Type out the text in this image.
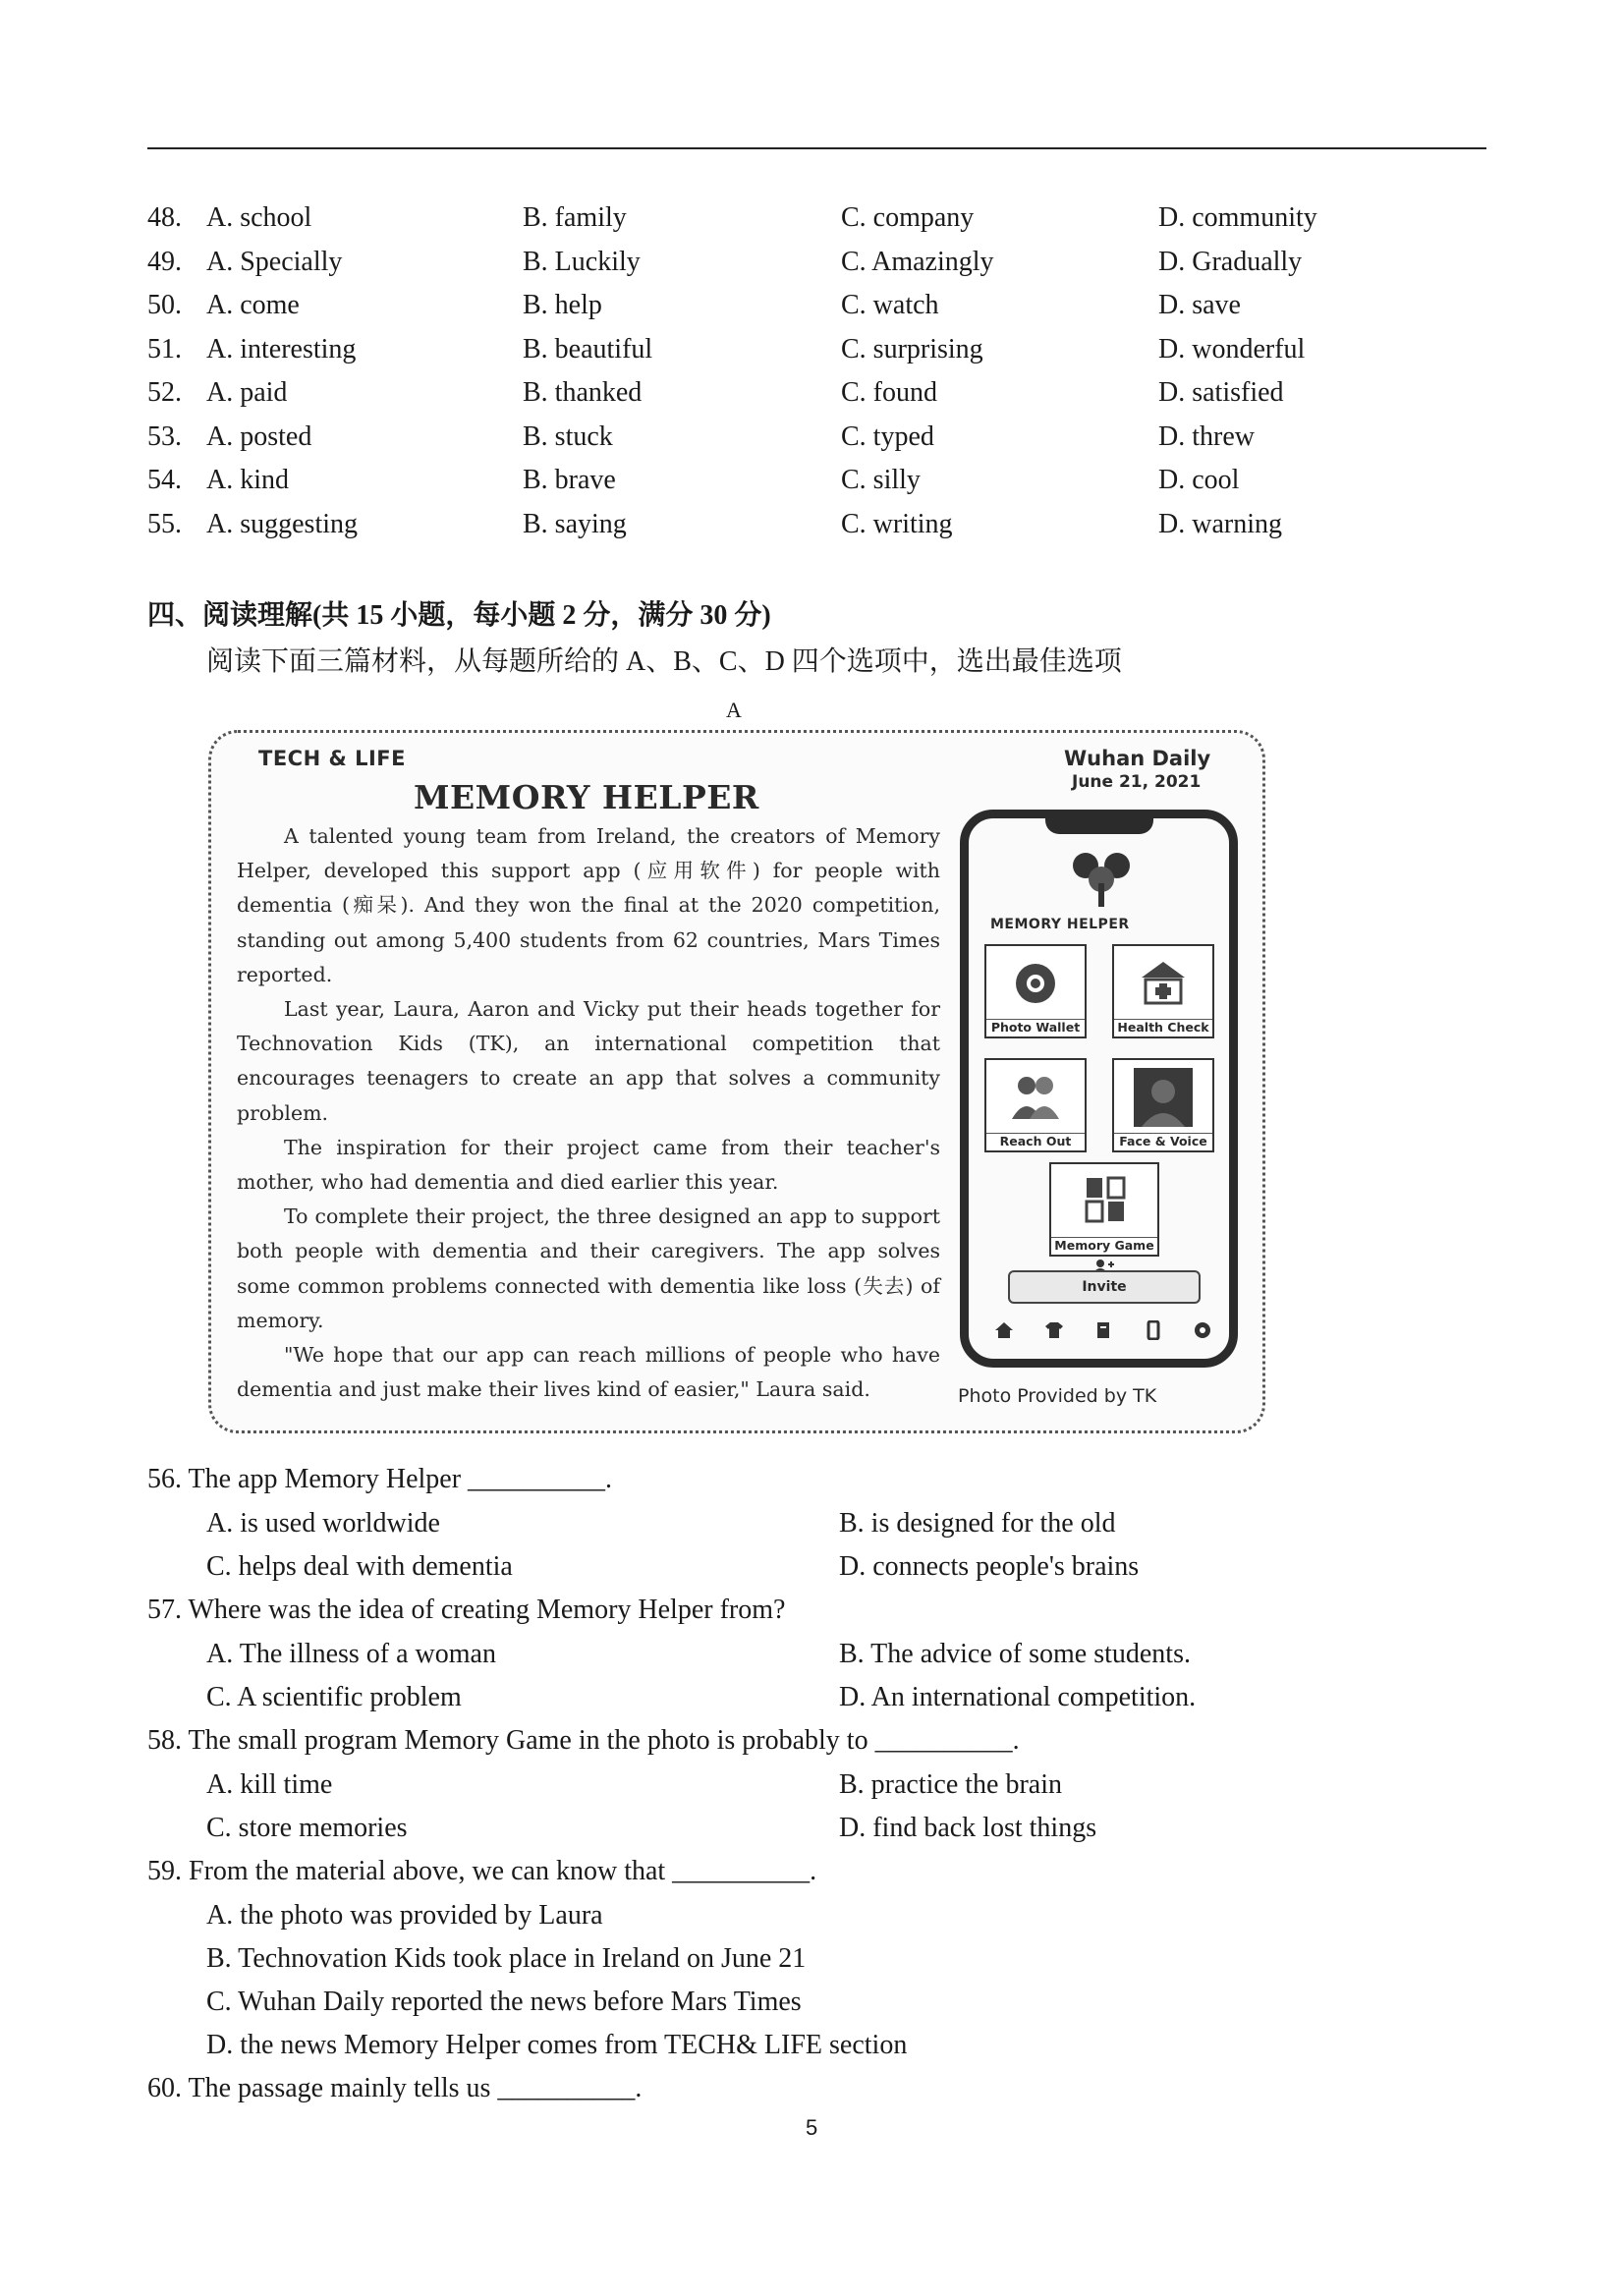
48. A. school	B. family	C. company	D. community
49. A. Specially	B. Luckily	C. Amazingly	D. Gradually
50. A. come	B. help	C. watch	D. save
51. A. interesting	B. beautiful	C. surprising	D. wonderful
52. A. paid	B. thanked	C. found	D. satisfied
53. A. posted	B. stuck	C. typed	D. threw
54. A. kind	B. brave	C. silly	D. cool
55. A. suggesting	B. saying	C. writing	D. warning
四、阅读理解(共 15 小题，每小题 2 分，满分 30 分)
阅读下面三篇材料，从每题所给的 A、B、C、D 四个选项中，选出最佳选项
A
TECH & LIFE	Wuhan Daily
June 21, 2021
MEMORY HELPER

A talented young team from Ireland, the creators of Memory Helper, developed this support app (应用软件) for people with dementia (痴呆). And they won the final at the 2020 competition, standing out among 5,400 students from 62 countries, Mars Times reported.

Last year, Laura, Aaron and Vicky put their heads together for Technovation Kids (TK), an international competition that encourages teenagers to create an app that solves a community problem.

The inspiration for their project came from their teacher's mother, who had dementia and died earlier this year.

To complete their project, the three designed an app to support both people with dementia and their caregivers. The app solves some common problems connected with dementia like loss (失去) of memory.

"We hope that our app can reach millions of people who have dementia and just make their lives kind of easier," Laura said.

MEMORY HELPER
Photo Wallet	Health Check
Reach Out	Face & Voice
Memory Game
Invite
Photo Provided by TK
56. The app Memory Helper __________.
A. is used worldwide	B. is designed for the old
C. helps deal with dementia	D. connects people's brains
57. Where was the idea of creating Memory Helper from?
A. The illness of a woman	B. The advice of some students.
C. A scientific problem	D. An international competition.
58. The small program Memory Game in the photo is probably to __________.
A. kill time	B. practice the brain
C. store memories	D. find back lost things
59. From the material above, we can know that __________.
A. the photo was provided by Laura
B. Technovation Kids took place in Ireland on June 21
C. Wuhan Daily reported the news before Mars Times
D. the news Memory Helper comes from TECH& LIFE section
60. The passage mainly tells us __________.
5
